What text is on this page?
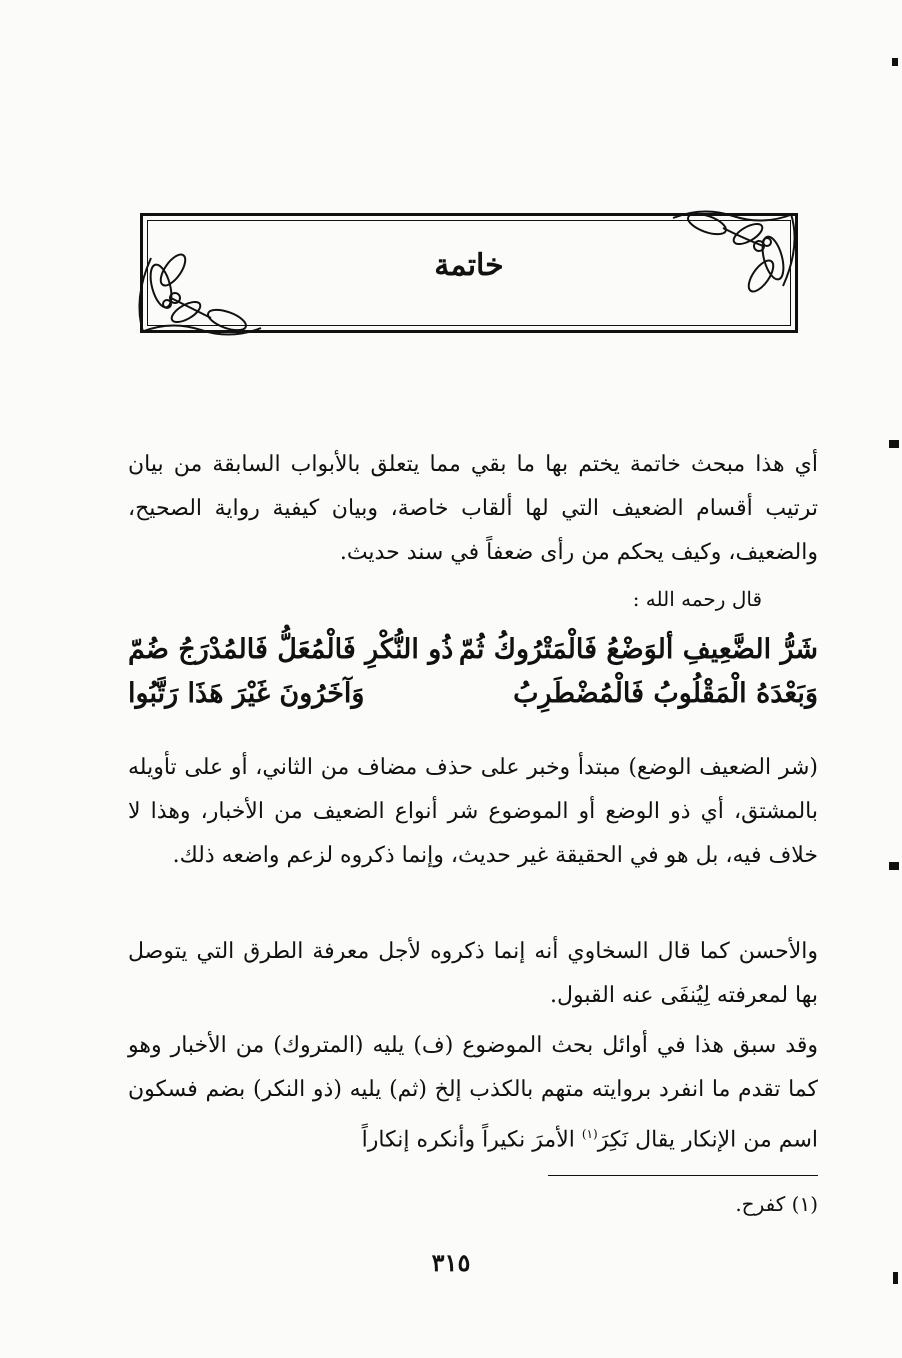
خاتمة

أي هذا مبحث خاتمة يختم بها ما بقي مما يتعلق بالأبواب السابقة من بيان ترتيب أقسام الضعيف التي لها ألقاب خاصة، وبيان كيفية رواية الصحيح، والضعيف، وكيف يحكم من رأى ضعفاً في سند حديث.

قال رحمه الله :
شَرُّ الضَّعِيفِ ألوَضْعُ فَالْمَتْرُوكُ ثُمّ
ذُو النُّكْرِ فَالْمُعَلُّ فَالمُدْرَجُ ضُمّ
وَبَعْدَهُ الْمَقْلُوبُ فَالْمُضْطَرِبُ
وَآخَرُونَ غَيْرَ هَذَا رَتَّبُوا

(شر الضعيف الوضع) مبتدأ وخبر على حذف مضاف من الثاني، أو على تأويله بالمشتق، أي ذو الوضع أو الموضوع شر أنواع الضعيف من الأخبار، وهذا لا خلاف فيه، بل هو في الحقيقة غير حديث، وإنما ذكروه لزعم واضعه ذلك.

والأحسن كما قال السخاوي أنه إنما ذكروه لأجل معرفة الطرق التي يتوصل بها لمعرفته لِيُنفَى عنه القبول.

وقد سبق هذا في أوائل بحث الموضوع (ف) يليه (المتروك) من الأخبار وهو كما تقدم ما انفرد بروايته متهم بالكذب إلخ (ثم) يليه (ذو النكر) بضم فسكون اسم من الإنكار يقال نَكِرَ$^{(١)}$ الأمرَ نكيراً وأنكره إنكاراً

(١) كفرح.
٣١٥
